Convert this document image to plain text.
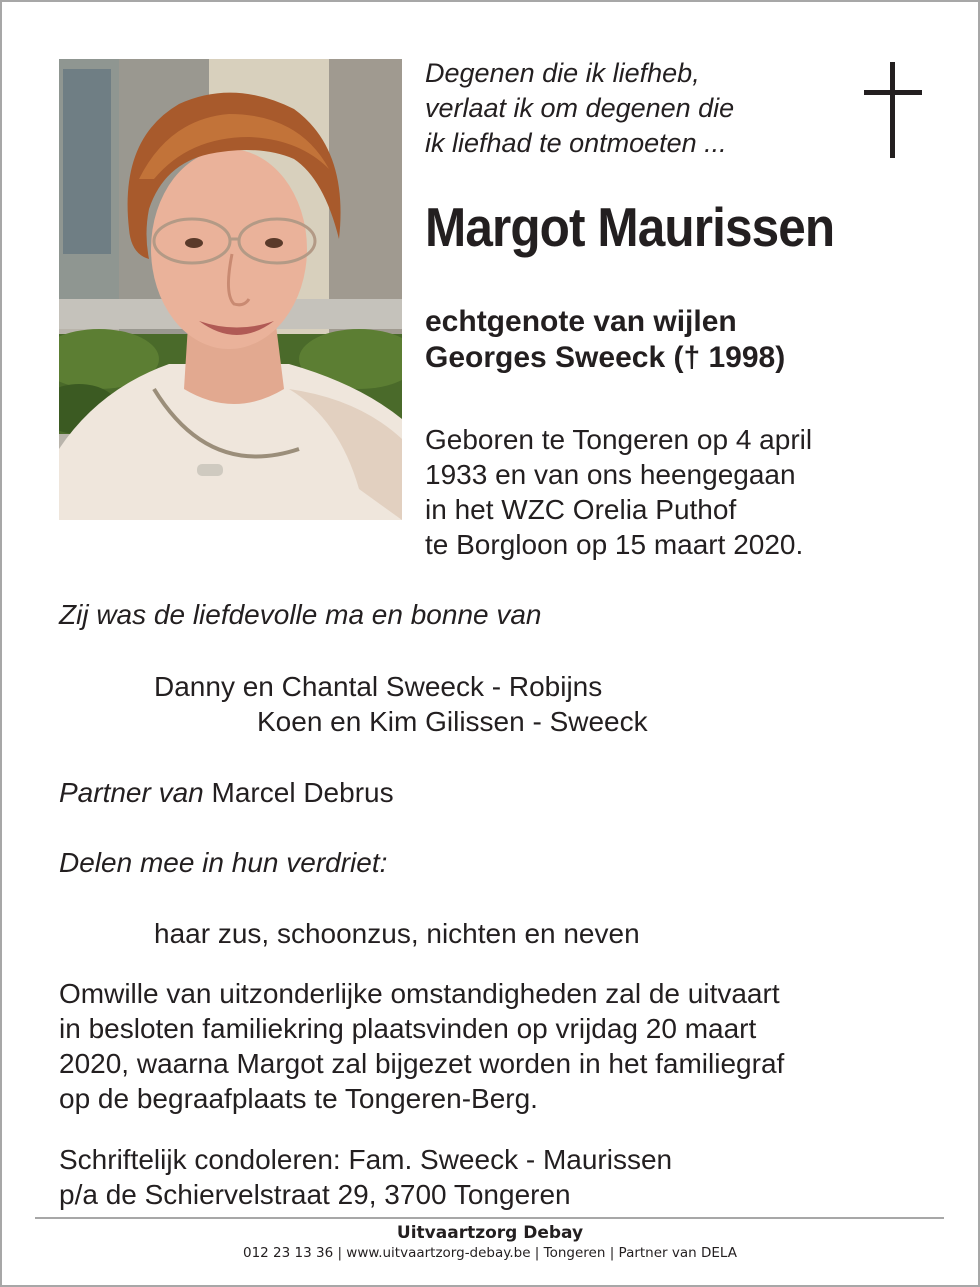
Degenen die ik liefheb,
verlaat ik om degenen die
ik liefhad te ontmoeten ...
Margot Maurissen
echtgenote van wijlen
Georges Sweeck († 1998)
Geboren te Tongeren op 4 april
1933 en van ons heengegaan
in het WZC Orelia Puthof
te Borgloon op 15 maart 2020.
Zij was de liefdevolle ma en bonne van
Danny en Chantal Sweeck - Robijns
Koen en Kim Gilissen - Sweeck
Partner van Marcel Debrus
Delen mee in hun verdriet:
haar zus, schoonzus, nichten en neven
Omwille van uitzonderlijke omstandigheden zal de uitvaart
in besloten familiekring plaatsvinden op vrijdag 20 maart
2020, waarna Margot zal bijgezet worden in het familiegraf
op de begraafplaats te Tongeren-Berg.
Schriftelijk condoleren: Fam. Sweeck - Maurissen
p/a de Schiervelstraat 29, 3700 Tongeren
Uitvaartzorg Debay
012 23 13 36 | www.uitvaartzorg-debay.be | Tongeren | Partner van DELA
